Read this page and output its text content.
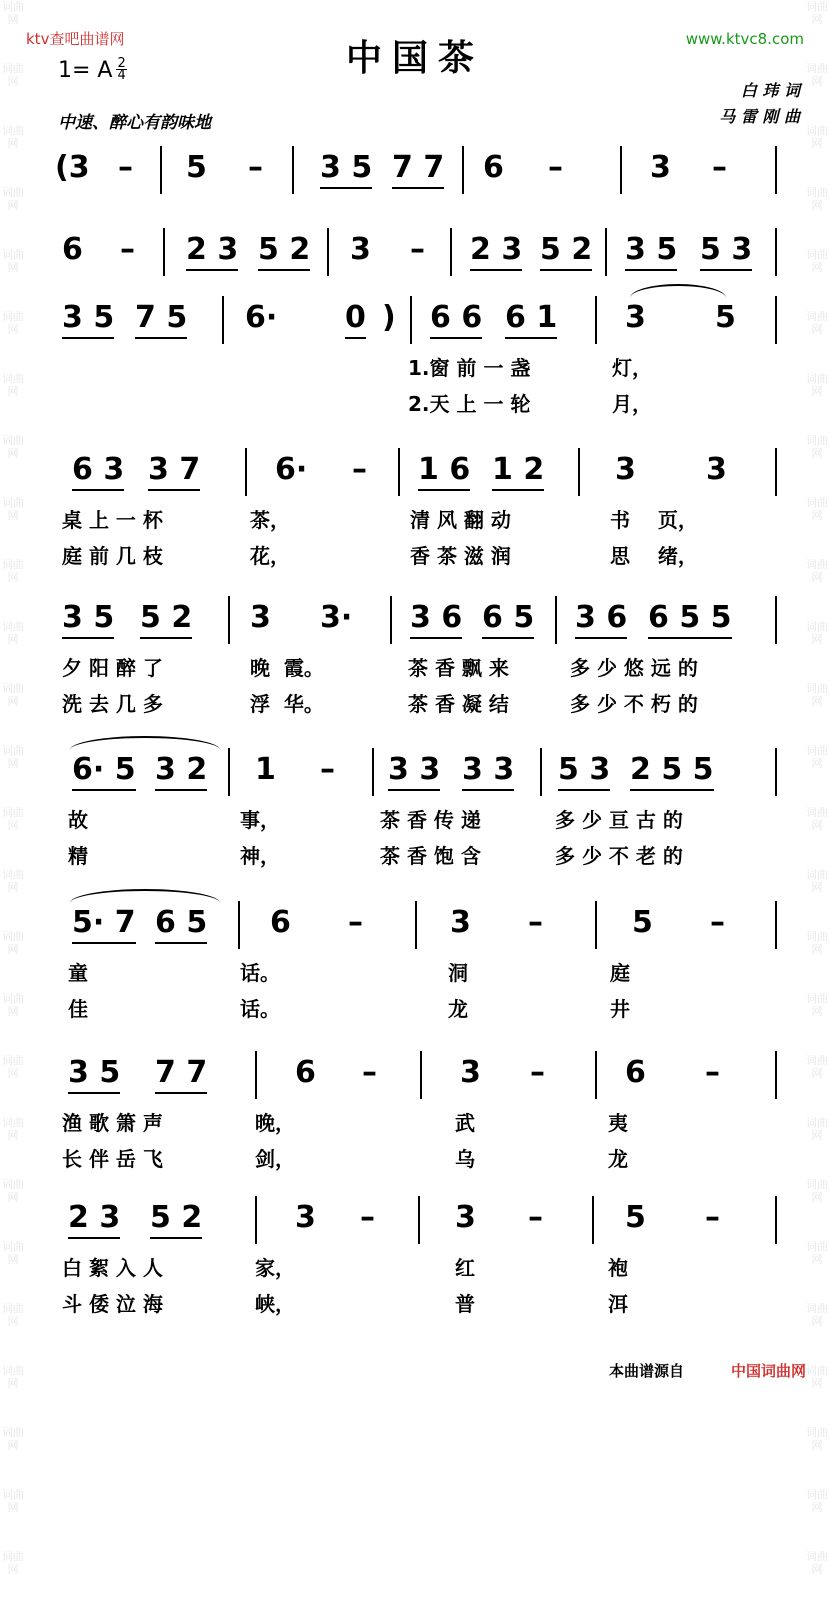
词曲网
词曲网
词曲网
词曲网
词曲网
词曲网
词曲网
词曲网
词曲网
词曲网
词曲网
词曲网
词曲网
词曲网
词曲网
词曲网
词曲网
词曲网
词曲网
词曲网
词曲网
词曲网
词曲网
词曲网
词曲网
词曲网
词曲网
词曲网
词曲网
词曲网
词曲网
词曲网
词曲网
词曲网
词曲网
词曲网
词曲网
词曲网
词曲网
词曲网
词曲网
词曲网
词曲网
词曲网
词曲网
词曲网
词曲网
词曲网
词曲网
词曲网
词曲网
词曲网
ktv查吧曲谱网	www.ktvc8.com
中国茶
1= A $\frac{2}{4}$
中速、醉心有韵味地
白 玮 词
马 雷 刚 曲
(3 – 5 – 3 5 7 7 6 –	3 –
6 – 2 3 5 2 3 – 2 3 5 2 3 5 5 3
3 5 7 5 6· 0 ) 6 6 6 1 3 5
1.窗 前 一 盏	灯，
2.天 上 一 轮	月，
6 3 3 7 6· – 1 6 1 2 3 3
桌 上 一 杯	茶，	清 风 翻 动	书    页，
庭 前 几 枝	花，	香 茶 滋 润	思    绪，
3 5 5 2 3 3· 3 6 6 5 3 6 6 5 5
夕 阳 醉 了	晚  霞。	茶 香 飘 来	多 少 悠 远 的
洗 去 几 多	浮  华。	茶 香 凝 结	多 少 不 朽 的
6· 5 3 2 1 – 3 3 3 3 5 3 2 5 5
故	事，	茶 香 传 递	多 少 亘 古 的
精	神，	茶 香 饱 含	多 少 不 老 的
5· 7 6 5 6 –	3 –	5 –
童	话。	洞	庭
佳	话。	龙	井
3 5 7 7	6 –	3 –	6 –
渔 歌 箫 声	晚，	武	夷
长 伴 岳 飞	剑，	乌	龙
2 3 5 2	3 –	3 –	5 –
白 絮 入 人	家，	红	袍
斗 倭 泣 海	峡，	普	洱
本曲谱源自	中国词曲网
